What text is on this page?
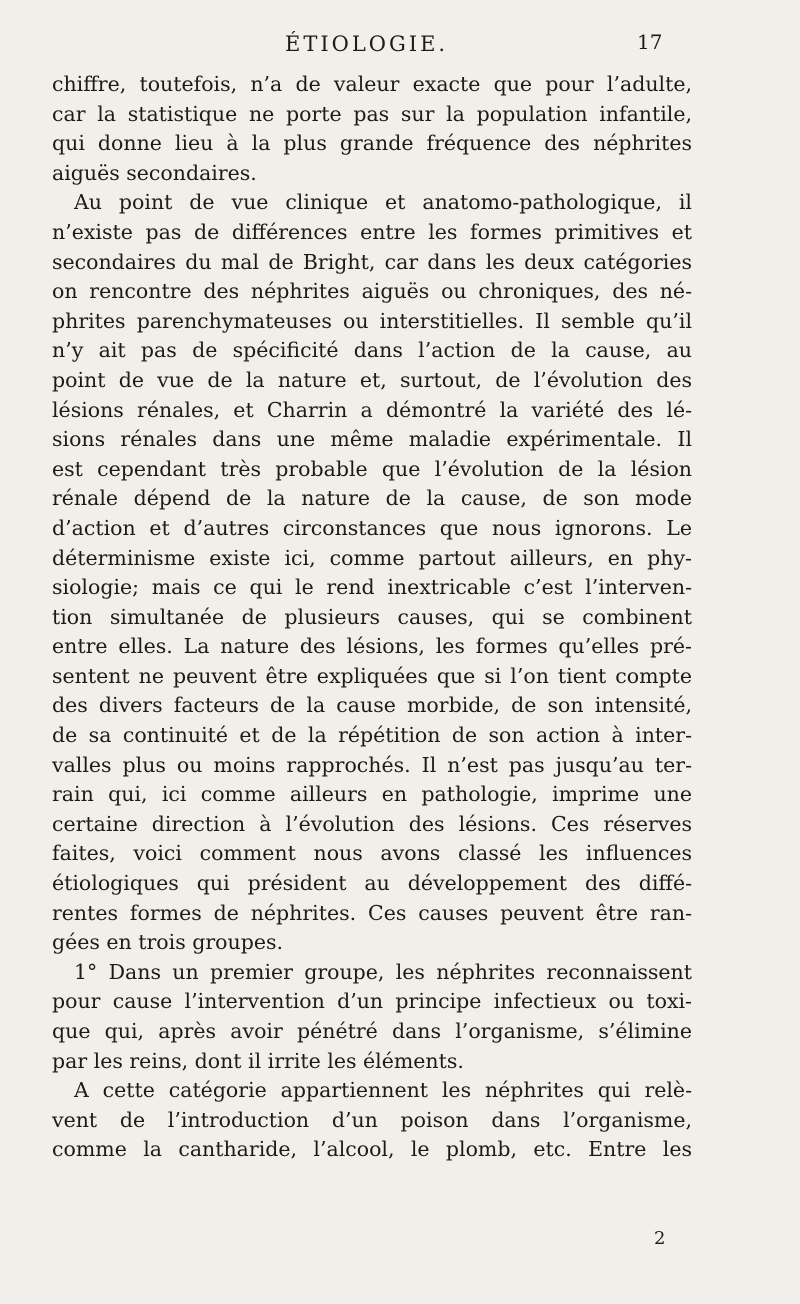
ÉTIOLOGIE.	17
chiffre, toutefois, n’a de valeur exacte que pour l’adulte,
car la statistique ne porte pas sur la population infantile,
qui donne lieu à la plus grande fréquence des néphrites
aiguës secondaires.
Au point de vue clinique et anatomo-pathologique, il
n’existe pas de différences entre les formes primitives et
secondaires du mal de Bright, car dans les deux catégories
on rencontre des néphrites aiguës ou chroniques, des né-
phrites parenchymateuses ou interstitielles. Il semble qu’il
n’y ait pas de spécificité dans l’action de la cause, au
point de vue de la nature et, surtout, de l’évolution des
lésions rénales, et Charrin a démontré la variété des lé-
sions rénales dans une même maladie expérimentale. Il
est cependant très probable que l’évolution de la lésion
rénale dépend de la nature de la cause, de son mode
d’action et d’autres circonstances que nous ignorons. Le
déterminisme existe ici, comme partout ailleurs, en phy-
siologie; mais ce qui le rend inextricable c’est l’interven-
tion simultanée de plusieurs causes, qui se combinent
entre elles. La nature des lésions, les formes qu’elles pré-
sentent ne peuvent être expliquées que si l’on tient compte
des divers facteurs de la cause morbide, de son intensité,
de sa continuité et de la répétition de son action à inter-
valles plus ou moins rapprochés. Il n’est pas jusqu’au ter-
rain qui, ici comme ailleurs en pathologie, imprime une
certaine direction à l’évolution des lésions. Ces réserves
faites, voici comment nous avons classé les influences
étiologiques qui président au développement des diffé-
rentes formes de néphrites. Ces causes peuvent être ran-
gées en trois groupes.
1° Dans un premier groupe, les néphrites reconnaissent
pour cause l’intervention d’un principe infectieux ou toxi-
que qui, après avoir pénétré dans l’organisme, s’élimine
par les reins, dont il irrite les éléments.
A cette catégorie appartiennent les néphrites qui relè-
vent de l’introduction d’un poison dans l’organisme,
comme la cantharide, l’alcool, le plomb, etc. Entre les
2
